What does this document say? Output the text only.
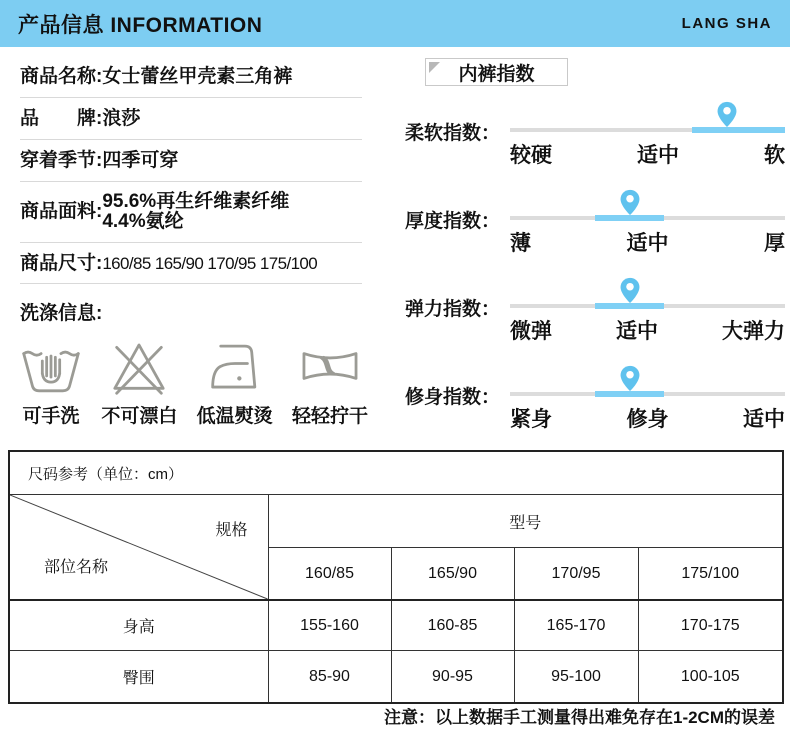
产品信息 INFORMATION	LANG SHA
商品名称: 女士蕾丝甲壳素三角裤
品　　牌: 浪莎
穿着季节: 四季可穿
商品面料:
95.6%再生纤维素纤维
4.4%氨纶
商品尺寸: 160/85 165/90 170/95 175/100
洗涤信息:
可手洗 不可漂白 低温熨烫 轻轻拧干
内裤指数
柔软指数：
较硬	适中	软
厚度指数：
薄	适中	厚
弹力指数：
微弹	适中	大弹力
修身指数：
紧身	修身	适中
尺码参考（单位：cm）				

规格
部位名称	型号			
	160/85	165/90	170/95	175/100
身高	155-160	160-85	165-170	170-175
臀围	85-90	90-95	95-100	100-105
注意：以上数据手工测量得出难免存在1-2CM的误差
